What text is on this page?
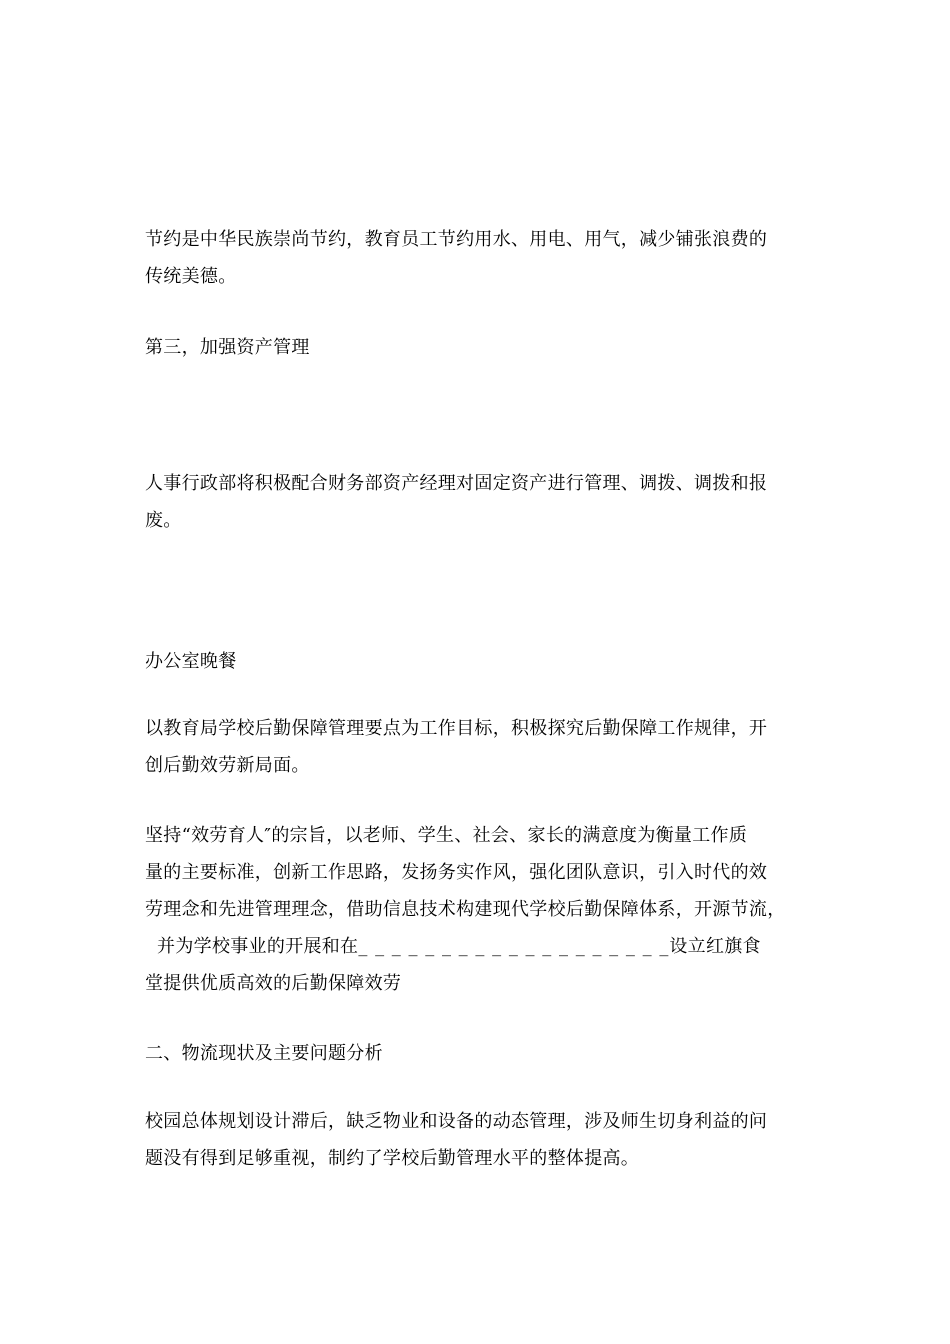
节约是中华民族崇尚节约，教育员工节约用水、用电、用气，减少铺张浪费的
传统美德。

第三，加强资产管理

人事行政部将积极配合财务部资产经理对固定资产进行管理、调拨、调拨和报
废。

办公室晚餐

以教育局学校后勤保障管理要点为工作目标，积极探究后勤保障工作规律，开
创后勤效劳新局面。

坚持“效劳育人″的宗旨，以老师、学生、社会、家长的满意度为衡量工作质
量的主要标准，创新工作思路，发扬务实作风，强化团队意识，引入时代的效
劳理念和先进管理理念，借助信息技术构建现代学校后勤保障体系，开源节流，
并为学校事业的开展和在_ _ _ _ _ _ _ _ _ _ _ _ _ _ _ _ _ _ _设立红旗食
堂提供优质高效的后勤保障效劳

二、物流现状及主要问题分析

校园总体规划设计滞后，缺乏物业和设备的动态管理，涉及师生切身利益的问
题没有得到足够重视，制约了学校后勤管理水平的整体提高。
